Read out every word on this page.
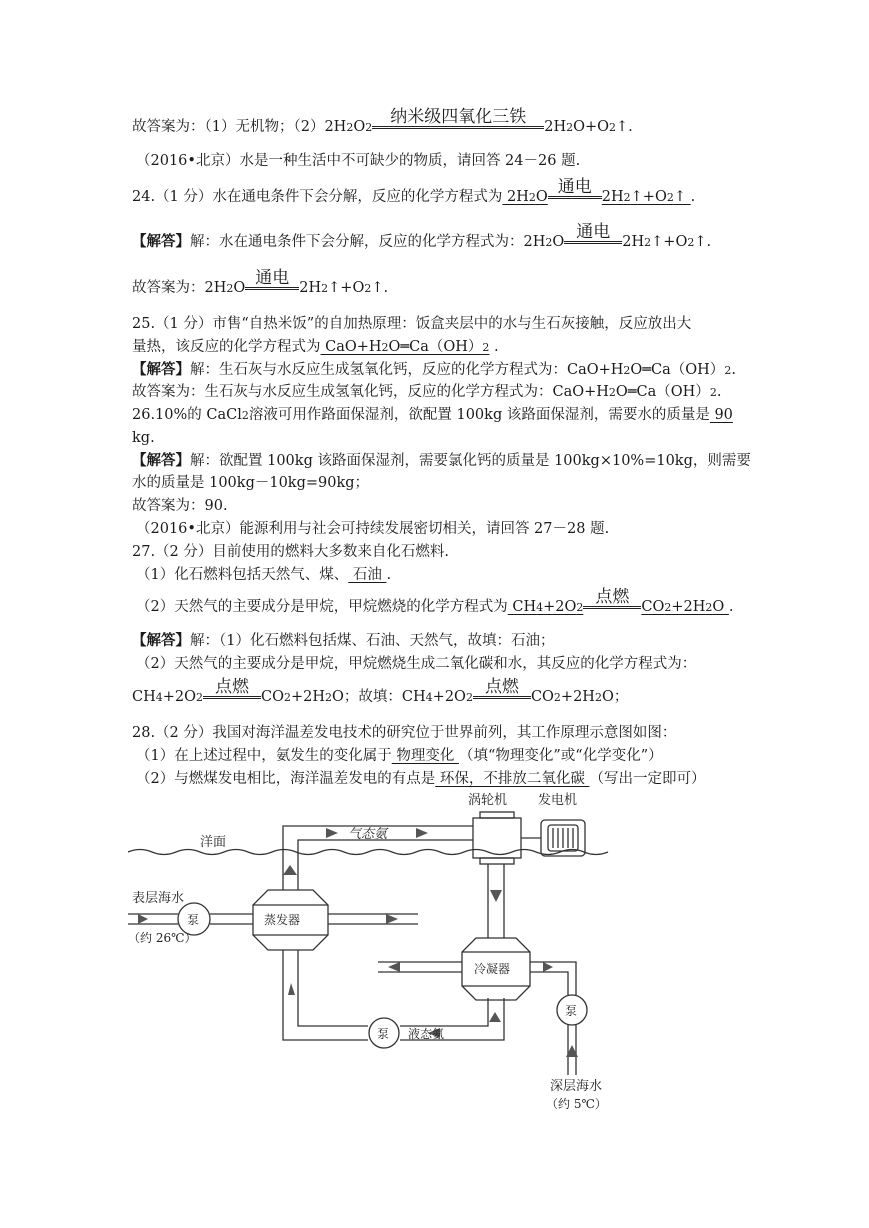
故答案为：（1）无机物；（2）2H2O2
纳米级四氧化三铁	2H2O+O2↑.
（2016•北京）水是一种生活中不可缺少的物质，请回答 24－26 题.
24.（1 分）水在通电条件下会分解，反应的化学方程式为 2H2O 通电 2H2↑+O2↑ .
【解答】解：水在通电条件下会分解，反应的化学方程式为：2H2O 通电 2H2↑+O2↑.
故答案为：2H2O 通电 2H2↑+O2↑.
25.（1 分）市售“自热米饭”的自加热原理：饭盒夹层中的水与生石灰接触，反应放出大
量热，该反应的化学方程式为 CaO+H2O═Ca（OH）2 .
【解答】解：生石灰与水反应生成氢氧化钙，反应的化学方程式为：CaO+H2O═Ca（OH）2.
故答案为：生石灰与水反应生成氢氧化钙，反应的化学方程式为：CaO+H2O═Ca（OH）2.
26.10%的 CaCl2溶液可用作路面保湿剂，欲配置 100kg 该路面保湿剂，需要水的质量是 90
kg.
【解答】解：欲配置 100kg 该路面保湿剂，需要氯化钙的质量是 100kg×10%=10kg，则需要
水的质量是 100kg－10kg=90kg；
故答案为：90.
（2016•北京）能源利用与社会可持续发展密切相关，请回答 27－28 题.
27.（2 分）目前使用的燃料大多数来自化石燃料.
（1）化石燃料包括天然气、煤、 石油 .
（2）天然气的主要成分是甲烷，甲烷燃烧的化学方程式为 CH4+2O2
点燃 CO2+2H2O .
【解答】解：（1）化石燃料包括煤、石油、天然气，故填：石油；
（2）天然气的主要成分是甲烷，甲烷燃烧生成二氧化碳和水，其反应的化学方程式为：
CH4+2O2
点燃 CO2+2H2O；故填：CH4+2O2
点燃 CO2+2H2O；
28.（2 分）我国对海洋温差发电技术的研究位于世界前列，其工作原理示意图如图：
（1）在上述过程中，氨发生的变化属于 物理变化 （填“物理变化”或“化学变化”）
（2）与燃煤发电相比，海洋温差发电的有点是 环保，不排放二氧化碳 （写出一定即可）
涡轮机 发电机
洋面
气态氨
表层海水
（约 26℃）
泵	蒸发器
冷凝器
泵 液态氨
泵
深层海水
（约 5℃）
